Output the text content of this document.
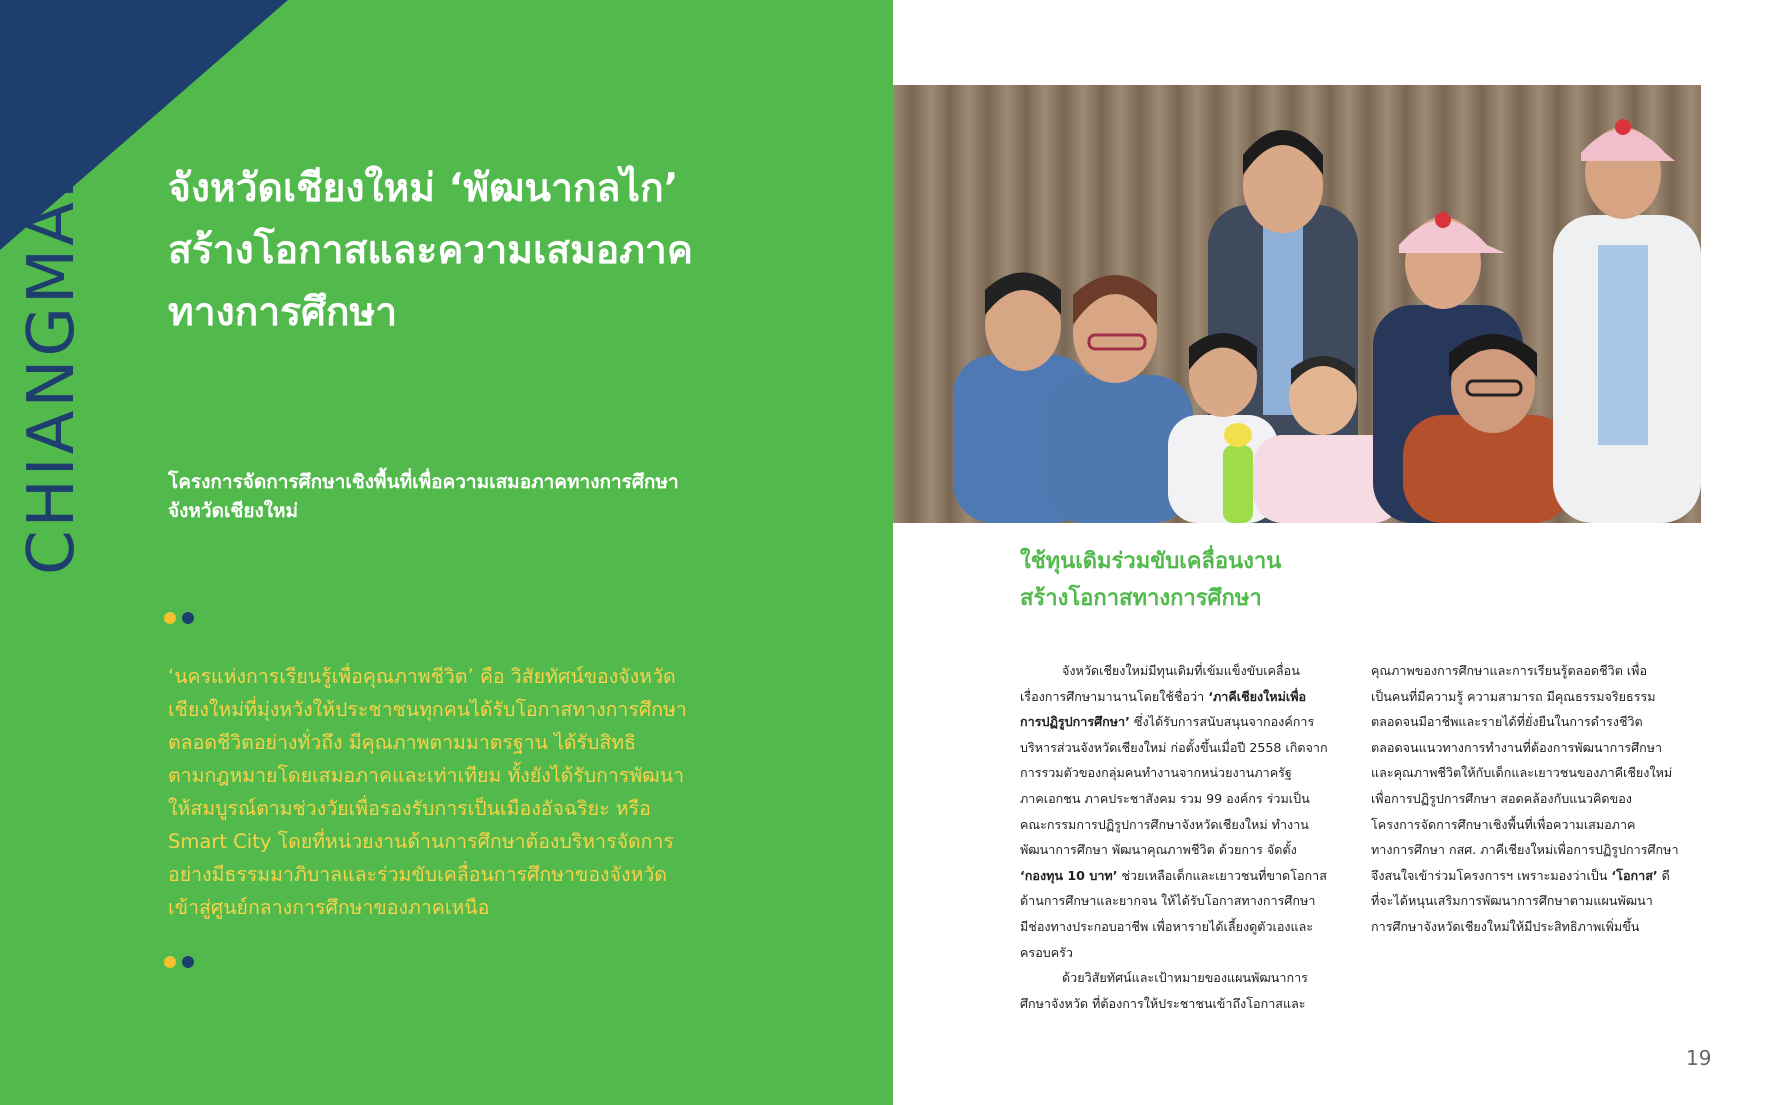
CHIANGMAI จังหวัดเชียงใหม่ ‘พัฒนากลไก’
สร้างโอกาสและความเสมอภาค
ทางการศึกษา
โครงการจัดการศึกษาเชิงพื้นที่เพื่อความเสมอภาคทางการศึกษา
จังหวัดเชียงใหม่
‘นครแห่งการเรียนรู้เพื่อคุณภาพชีวิต’ คือ วิสัยทัศน์ของจังหวัด
เชียงใหม่ที่มุ่งหวังให้ประชาชนทุกคนได้รับโอกาสทางการศึกษา
ตลอดชีวิตอย่างทั่วถึง มีคุณภาพตามมาตรฐาน ได้รับสิทธิ
ตามกฎหมายโดยเสมอภาคและเท่าเทียม ทั้งยังได้รับการพัฒนา
ให้สมบูรณ์ตามช่วงวัยเพื่อรองรับการเป็นเมืองอัจฉริยะ หรือ
Smart City โดยที่หน่วยงานด้านการศึกษาต้องบริหารจัดการ
อย่างมีธรรมมาภิบาลและร่วมขับเคลื่อนการศึกษาของจังหวัด
เข้าสู่ศูนย์กลางการศึกษาของภาคเหนือ
ใช้ทุนเดิมร่วมขับเคลื่อนงาน
สร้างโอกาสทางการศึกษา
จังหวัดเชียงใหม่มีทุนเดิมที่เข้มแข็งขับเคลื่อน
เรื่องการศึกษามานานโดยใช้ชื่อว่า ‘ภาคีเชียงใหม่เพื่อ
การปฏิรูปการศึกษา’ ซึ่งได้รับการสนับสนุนจากองค์การ
บริหารส่วนจังหวัดเชียงใหม่ ก่อตั้งขึ้นเมื่อปี 2558 เกิดจาก
การรวมตัวของกลุ่มคนทำงานจากหน่วยงานภาครัฐ
ภาคเอกชน ภาคประชาสังคม รวม 99 องค์กร ร่วมเป็น
คณะกรรมการปฏิรูปการศึกษาจังหวัดเชียงใหม่ ทำงาน
พัฒนาการศึกษา พัฒนาคุณภาพชีวิต ด้วยการ จัดตั้ง
‘กองทุน 10 บาท’ ช่วยเหลือเด็กและเยาวชนที่ขาดโอกาส
ด้านการศึกษาและยากจน ให้ได้รับโอกาสทางการศึกษา
มีช่องทางประกอบอาชีพ เพื่อหารายได้เลี้ยงดูตัวเองและ
ครอบครัว
ด้วยวิสัยทัศน์และเป้าหมายของแผนพัฒนาการ
ศึกษาจังหวัด ที่ต้องการให้ประชาชนเข้าถึงโอกาสและ
คุณภาพของการศึกษาและการเรียนรู้ตลอดชีวิต เพื่อ
เป็นคนที่มีความรู้ ความสามารถ มีคุณธรรมจริยธรรม
ตลอดจนมีอาชีพและรายได้ที่ยั่งยืนในการดำรงชีวิต
ตลอดจนแนวทางการทำงานที่ต้องการพัฒนาการศึกษา
และคุณภาพชีวิตให้กับเด็กและเยาวชนของภาคีเชียงใหม่
เพื่อการปฏิรูปการศึกษา สอดคล้องกับแนวคิดของ
โครงการจัดการศึกษาเชิงพื้นที่เพื่อความเสมอภาค
ทางการศึกษา กสศ. ภาคีเชียงใหม่เพื่อการปฏิรูปการศึกษา
จึงสนใจเข้าร่วมโครงการฯ เพราะมองว่าเป็น ‘โอกาส’ ดี
ที่จะได้หนุนเสริมการพัฒนาการศึกษาตามแผนพัฒนา
การศึกษาจังหวัดเชียงใหม่ให้มีประสิทธิภาพเพิ่มขึ้น
19
